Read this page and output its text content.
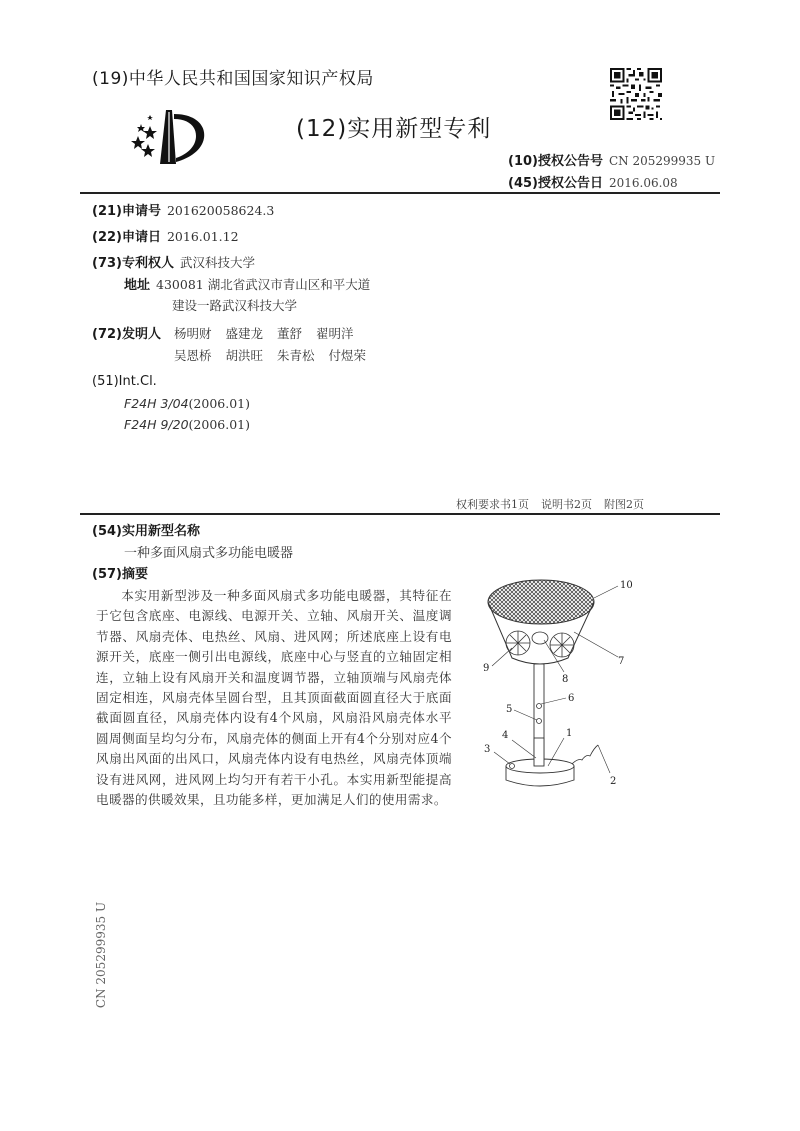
(19)中华人民共和国国家知识产权局
(12)实用新型专利
(10)授权公告号 CN 205299935 U
(45)授权公告日 2016.06.08
(21)申请号 201620058624.3
(22)申请日 2016.01.12
(73)专利权人 武汉科技大学
地址 430081 湖北省武汉市青山区和平大道
建设一路武汉科技大学
(72)发明人 杨明财 盛建龙 董舒 翟明洋
吴恩桥 胡洪旺 朱青松 付煜荣
(51)Int.Cl.
F24H 3/04(2006.01)
F24H 9/20(2006.01)
权利要求书1页 说明书2页 附图2页
(54)实用新型名称
一种多面风扇式多功能电暖器
(57)摘要
本实用新型涉及一种多面风扇式多功能电暖器，其特征在于它包含底座、电源线、电源开关、立轴、风扇开关、温度调节器、风扇壳体、电热丝、风扇、进风网；所述底座上设有电源开关，底座一侧引出电源线，底座中心与竖直的立轴固定相连，立轴上设有风扇开关和温度调节器，立轴顶端与风扇壳体固定相连，风扇壳体呈圆台型，且其顶面截面圆直径大于底面截面圆直径，风扇壳体内设有4个风扇，风扇沿风扇壳体水平圆周侧面呈均匀分布，风扇壳体的侧面上开有4个分别对应4个风扇出风面的出风口，风扇壳体内设有电热丝，风扇壳体顶端设有进风网，进风网上均匀开有若干小孔。本实用新型能提高电暖器的供暖效果，且功能多样，更加满足人们的使用需求。
10
7
8
9
6
5
4	1
2
3
CN 205299935 U
